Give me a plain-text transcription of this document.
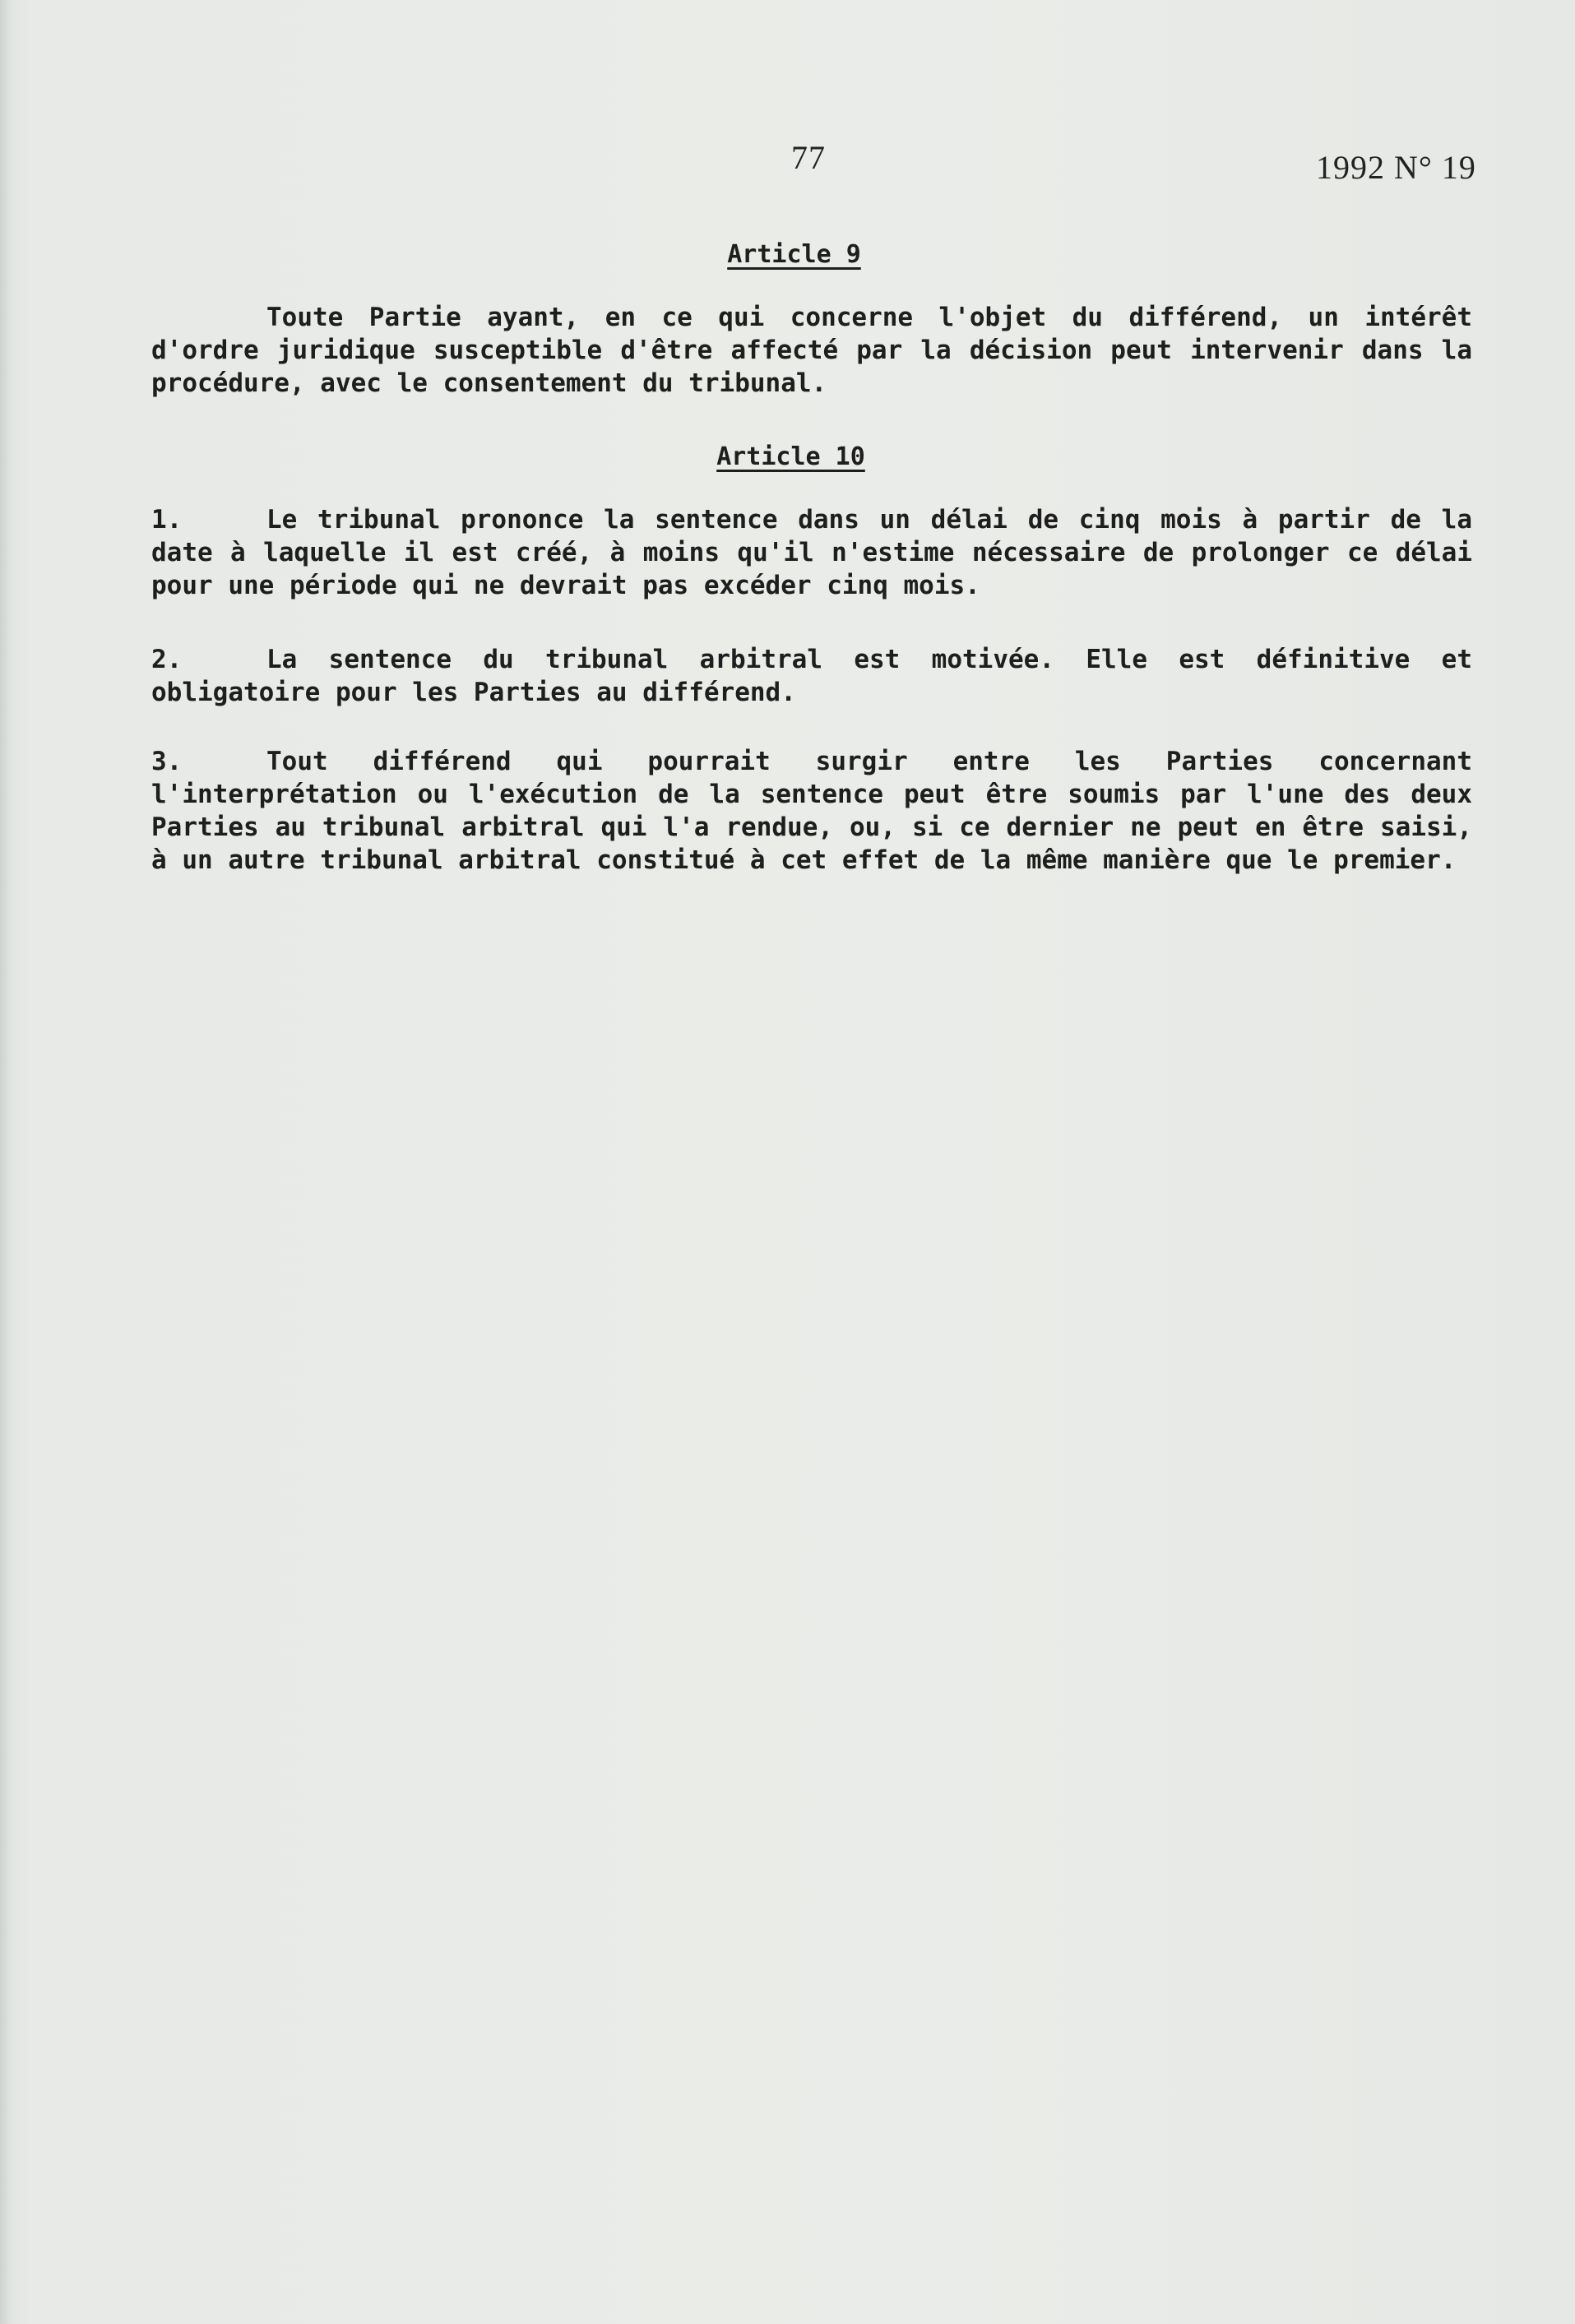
77	1992 N° 19
Article 9
Toute Partie ayant, en ce qui concerne l'objet du différend, un intérêt d'ordre juridique susceptible d'être affecté par la décision peut intervenir dans la procédure, avec le consentement du tribunal.
Article 10
1.	Le tribunal prononce la sentence dans un délai de cinq mois à partir de la date à laquelle il est créé, à moins qu'il n'estime nécessaire de prolonger ce délai pour une période qui ne devrait pas excéder cinq mois.
2.	La sentence du tribunal arbitral est motivée. Elle est définitive et obligatoire pour les Parties au différend.
3.	Tout différend qui pourrait surgir entre les Parties concernant l'interprétation ou l'exécution de la sentence peut être soumis par l'une des deux Parties au tribunal arbitral qui l'a rendue, ou, si ce dernier ne peut en être saisi, à un autre tribunal arbitral constitué à cet effet de la même manière que le premier.
